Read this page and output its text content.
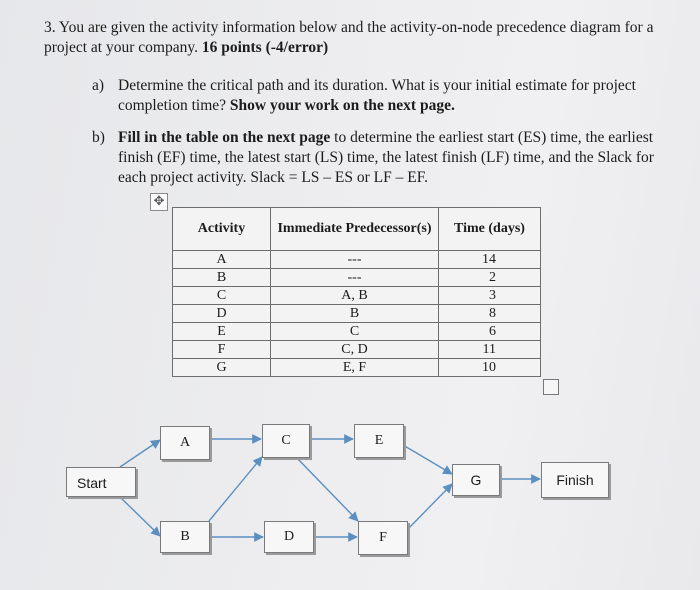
3. You are given the activity information below and the activity-on-node precedence diagram for a project at your company. 16 points (-4/error)
a) Determine the critical path and its duration. What is your initial estimate for project completion time? Show your work on the next page.
b) Fill in the table on the next page to determine the earliest start (ES) time, the earliest finish (EF) time, the latest start (LS) time, the latest finish (LF) time, and the Slack for each project activity. Slack = LS – ES or LF – EF.
✥
Activity	Immediate Predecessor(s)	Time (days)
A	---	14
B	---	2
C	A, B	3
D	B	8
E	C	6
F	C, D	11
G	E, F	10
Start
A
B
C
D
E
F
G	Finish
